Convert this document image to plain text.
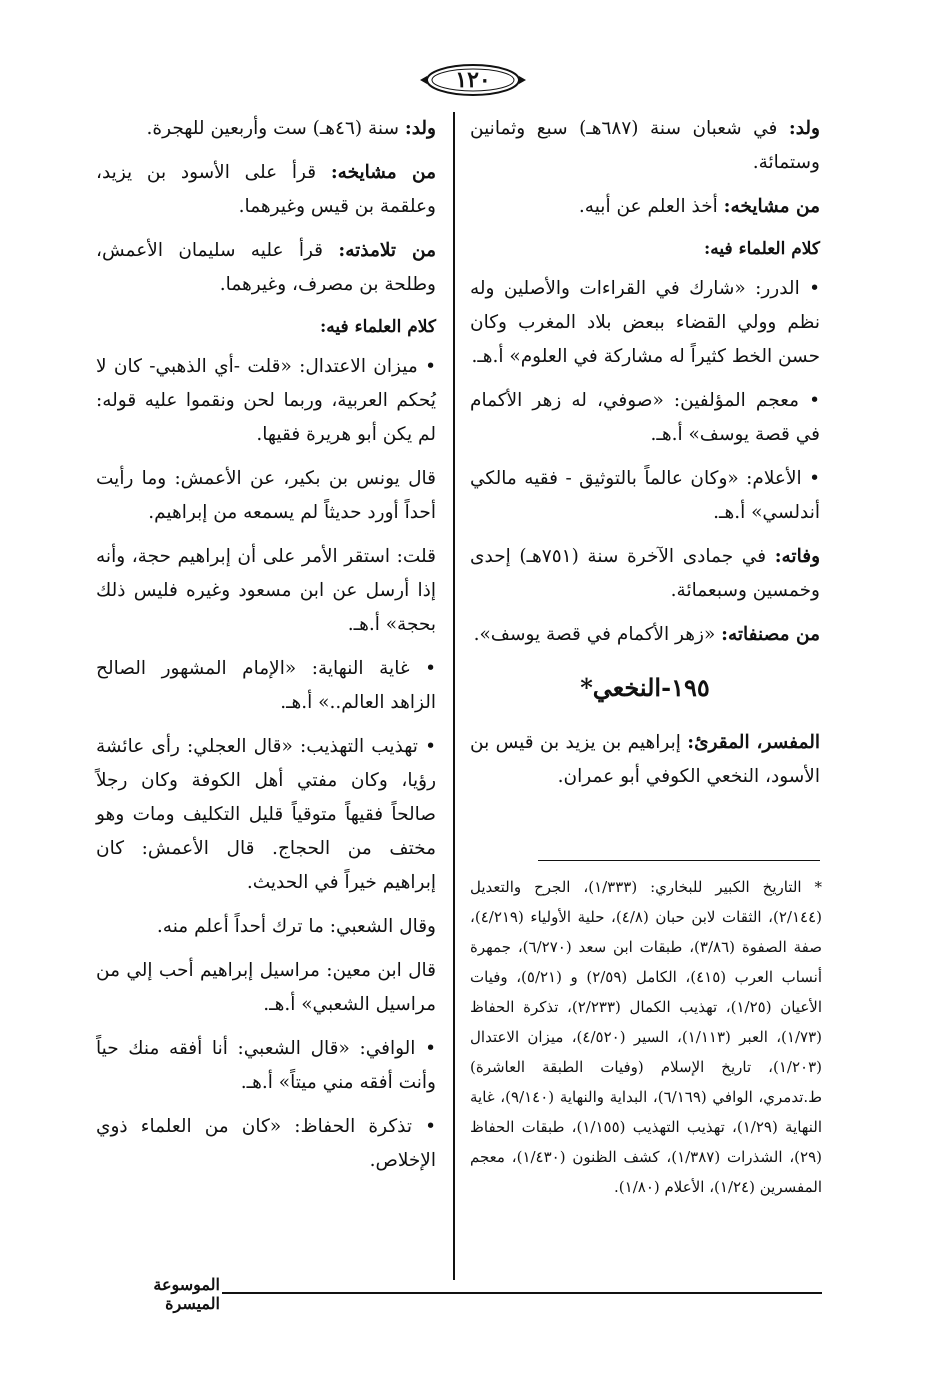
١٢٠

ولد: في شعبان سنة (٦٨٧هـ) سبع وثمانين وستمائة.

من مشايخه: أخذ العلم عن أبيه.

كلام العلماء فيه:

• الدرر: «شارك في القراءات والأصلين وله نظم وولي القضاء ببعض بلاد المغرب وكان حسن الخط كثيراً له مشاركة في العلوم» أ.هـ.

• معجم المؤلفين: «صوفي، له زهر الأكمام في قصة يوسف» أ.هـ.

• الأعلام: «وكان عالماً بالتوثيق - فقيه مالكي أندلسي» أ.هـ.

وفاته: في جمادى الآخرة سنة (٧٥١هـ) إحدى وخمسين وسبعمائة.

من مصنفاته: «زهر الأكمام في قصة يوسف».

١٩٥-النخعي*

المفسر، المقرئ: إبراهيم بن يزيد بن قيس بن الأسود، النخعي الكوفي أبو عمران.

* التاريخ الكبير للبخاري: (١/٣٣٣)، الجرح والتعديل (٢/١٤٤)، الثقات لابن حبان (٤/٨)، حلية الأولياء (٤/٢١٩)، صفة الصفوة (٣/٨٦)، طبقات ابن سعد (٦/٢٧٠)، جمهرة أنساب العرب (٤١٥)، الكامل (٢/٥٩) و (٥/٢١)، وفيات الأعيان (١/٢٥)، تهذيب الكمال (٢/٢٣٣)، تذكرة الحفاظ (١/٧٣)، العبر (١/١١٣)، السير (٤/٥٢٠)، ميزان الاعتدال (١/٢٠٣)، تاريخ الإسلام (وفيات الطبقة العاشرة) ط.تدمري، الوافي (٦/١٦٩)، البداية والنهاية (٩/١٤٠)، غاية النهاية (١/٢٩)، تهذيب التهذيب (١/١٥٥)، طبقات الحفاظ (٢٩)، الشذرات (١/٣٨٧)، كشف الظنون (١/٤٣٠)، معجم المفسرين (١/٢٤)، الأعلام (١/٨٠).

ولد: سنة (٤٦هـ) ست وأربعين للهجرة.

من مشايخه: قرأ على الأسود بن يزيد، وعلقمة بن قيس وغيرهما.

من تلامذته: قرأ عليه سليمان الأعمش، وطلحة بن مصرف، وغيرهما.

كلام العلماء فيه:

• ميزان الاعتدال: «قلت -أي الذهبي- كان لا يُحكم العربية، وربما لحن ونقموا عليه قوله: لم يكن أبو هريرة فقيها.

قال يونس بن بكير، عن الأعمش: وما رأيت أحداً أورد حديثاً لم يسمعه من إبراهيم.

قلت: استقر الأمر على أن إبراهيم حجة، وأنه إذا أرسل عن ابن مسعود وغيره فليس ذلك بحجة» أ.هـ.

• غاية النهاية: «الإمام المشهور الصالح الزاهد العالم..» أ.هـ.

• تهذيب التهذيب: «قال العجلي: رأى عائشة رؤيا، وكان مفتي أهل الكوفة وكان رجلاً صالحاً فقيهاً متوقياً قليل التكليف ومات وهو مختف من الحجاج. قال الأعمش: كان إبراهيم خيراً في الحديث.

وقال الشعبي: ما ترك أحداً أعلم منه.

قال ابن معين: مراسيل إبراهيم أحب إلي من مراسيل الشعبي» أ.هـ.

• الوافي: «قال الشعبي: أنا أفقه منك حياً وأنت أفقه مني ميتاً» أ.هـ.

• تذكرة الحفاظ: «كان من العلماء ذوي الإخلاص.

الموسوعة الميسرة
